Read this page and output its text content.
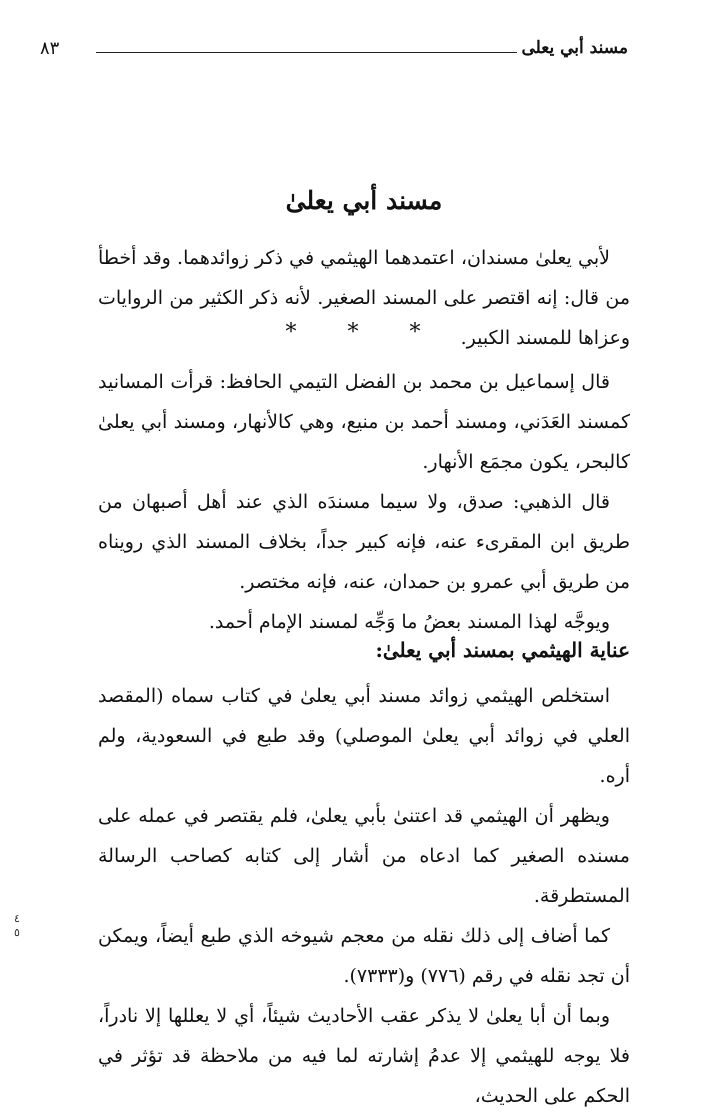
مسند أبي يعلى
٨٣
مسند أبي يعلىٰ

لأبي يعلىٰ مسندان، اعتمدهما الهيثمي في ذكر زوائدهما. وقد أخطأ من قال: إنه اقتصر على المسند الصغير. لأنه ذكر الكثير من الروايات وعزاها للمسند الكبير.

* * *

قال إسماعيل بن محمد بن الفضل التيمي الحافظ: قرأت المسانيد كمسند العَدَني، ومسند أحمد بن منيع، وهي كالأنهار، ومسند أبي يعلىٰ كالبحر، يكون مجمَع الأنهار.

قال الذهبي: صدق، ولا سيما مسندَه الذي عند أهل أصبهان من طريق ابن المقرىء عنه، فإنه كبير جداً، بخلاف المسند الذي رويناه من طريق أبي عمرو بن حمدان، عنه، فإنه مختصر.

ويوجَّه لهذا المسند بعضُ ما وَجِّه لمسند الإمام أحمد.

عناية الهيثمي بمسند أبي يعلىٰ:

استخلص الهيثمي زوائد مسند أبي يعلىٰ في كتاب سماه (المقصد العلي في زوائد أبي يعلىٰ الموصلي) وقد طبع في السعودية، ولم أره.

ويظهر أن الهيثمي قد اعتنىٰ بأبي يعلىٰ، فلم يقتصر في عمله على مسنده الصغير كما ادعاه من أشار إلى كتابه كصاحب الرسالة المستطرقة.

كما أضاف إلى ذلك نقله من معجم شيوخه الذي طبع أيضاً، ويمكن أن تجد نقله في رقم (٧٧٦) و(٧٣٣٣).

وبما أن أبا يعلىٰ لا يذكر عقب الأحاديث شيئاً، أي لا يعللها إلا نادراً، فلا يوجه للهيثمي إلا عدمُ إشارته لما فيه من ملاحظة قد تؤثر في الحكم على الحديث،

٤
٥
